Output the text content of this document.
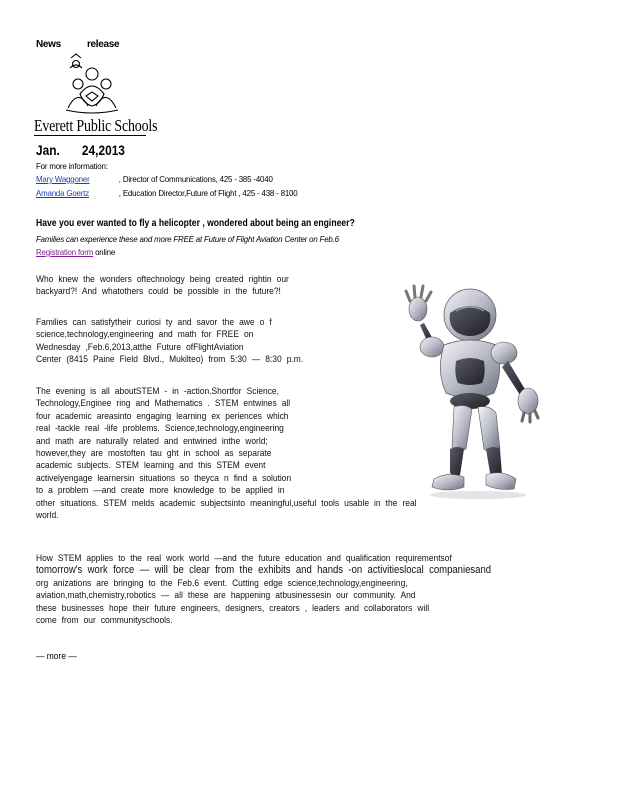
News	release
Everett Public Schools
Jan. 24,2013
For more information:
Mary Waggoner	, Director of Communications, 425 - 385 -4040
Amanda Goertz	, Education Director,Future of Flight , 425 - 438 - 8100
Have you ever wanted to fly a helicopter , wondered about being an engineer?
Families can experience these and more FREE at Future of Flight Aviation Center on Feb.6
Registration form online
Who knew the wonders oftechnology being created rightin our
backyard?! And whatothers could be possible in the future?!
Families can satisfytheir curiosi ty and savor the awe o f
science,technology,engineering and math for FREE on
Wednesday ,Feb.6,2013,atthe Future ofFlightAviation
Center (8415 Paine Field Blvd., Mukilteo) from 5:30 — 8:30 p.m.
The evening is all aboutSTEM - in -action.Shortfor Science,
Technology,Enginee ring and Mathematics . STEM entwines all
four academic areasinto engaging learning ex periences which
real -tackle real -life problems. Science,technology,engineering
and math are naturally related and entwined inthe world;
however,they are mostoften tau ght in school as separate
academic subjects. STEM learning and this STEM event
activelyengage learnersin situations so theyca n find a solution
to a problem —and create more knowledge to be applied in
other situations. STEM melds academic subjectsinto meaningful,useful tools usable in the real
world.
How STEM applies to the real work world —and the future education and qualification requirementsof
tomorrow's work force — will be clear from the exhibits and hands -on activitieslocal companiesand
org anizations are bringing to the Feb.6 event. Cutting edge science,technology,engineering,
aviation,math,chemistry,robotics — all these are happening atbusinessesin our community. And
these businesses hope their future engineers, designers, creators , leaders and collaborators will
come from our communityschools.
— more —
